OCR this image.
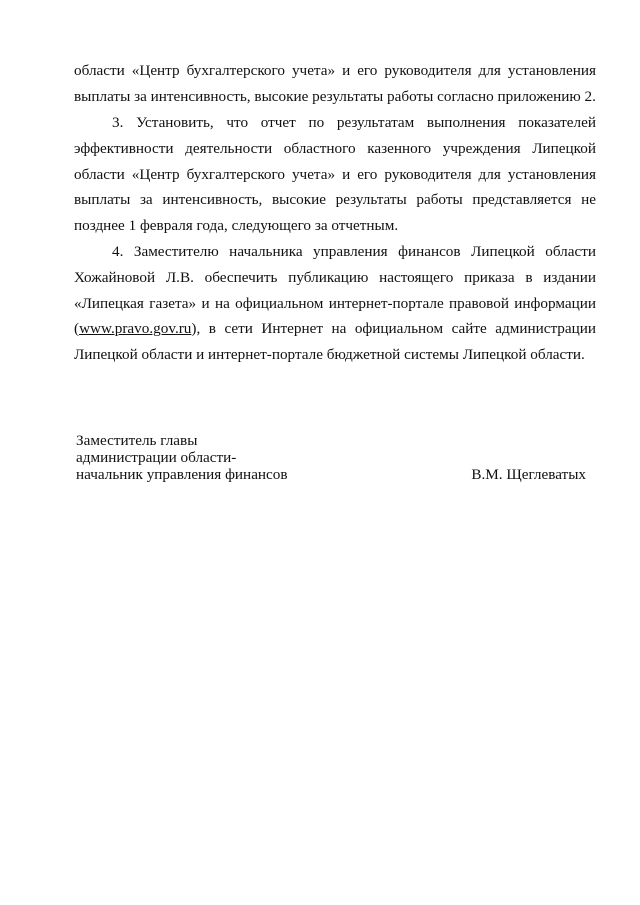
области «Центр бухгалтерского учета» и его руководителя для установления выплаты за интенсивность, высокие результаты работы согласно приложению 2.

3. Установить, что отчет по результатам выполнения показателей эффективности деятельности областного казенного учреждения Липецкой области «Центр бухгалтерского учета» и его руководителя для установления выплаты за интенсивность, высокие результаты работы представляется не позднее 1 февраля года, следующего за отчетным.

4. Заместителю начальника управления финансов Липецкой области Хожайновой Л.В. обеспечить публикацию настоящего приказа в издании «Липецкая газета» и на официальном интернет-портале правовой информации (www.pravo.gov.ru), в сети Интернет на официальном сайте администрации Липецкой области и интернет-портале бюджетной системы Липецкой области.

Заместитель главы
администрации области-
начальник управления финансов	В.М. Щеглеватых
